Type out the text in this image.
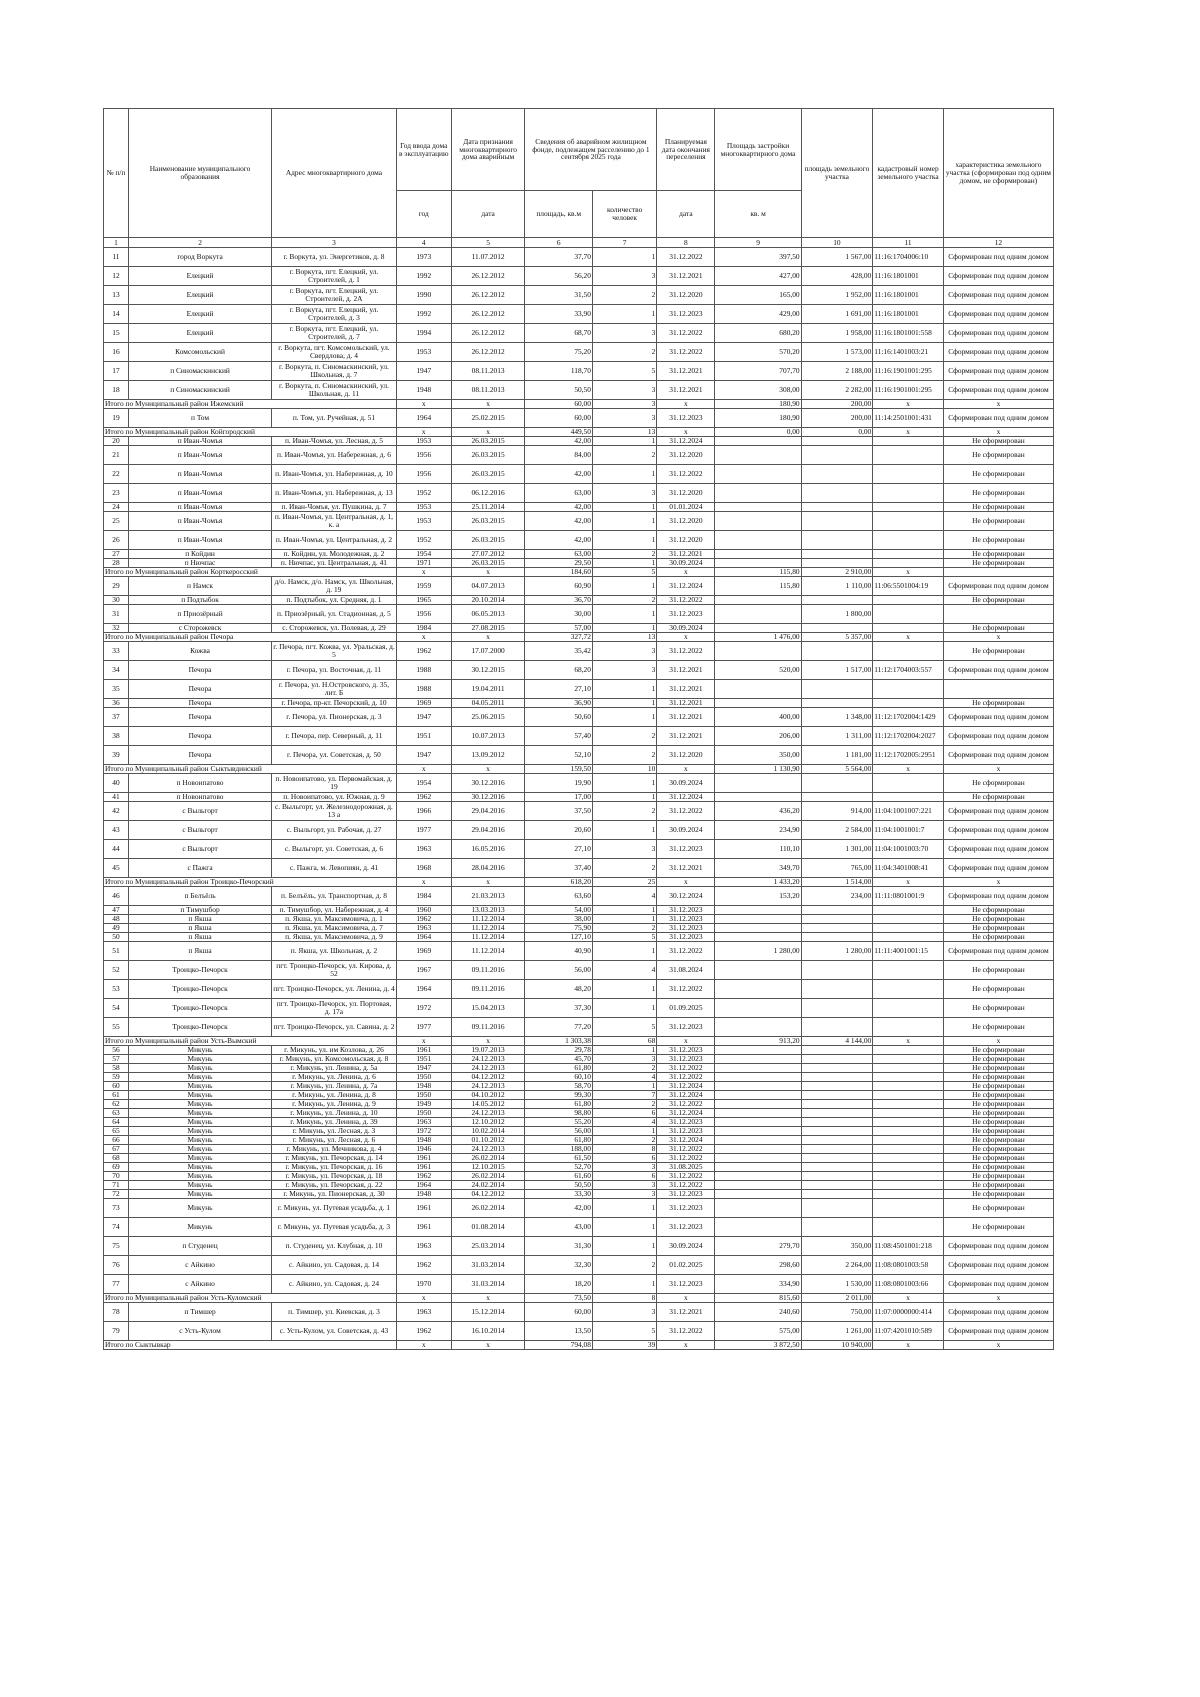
№ п/п	Наименование муниципального образования	Адрес многоквартирного дома	Год ввода дома в эксплуатацию	Дата признания многоквартирного дома аварийным	Сведения об аварийном жилищном фонде, подлежащем расселению до 1 сентября 2025 года		Планируемая дата окончания переселения	Площадь застройки многоквартирного дома	площадь земельного участка	кадастровый номер земельного участка	характеристика земельного участка (сформирован под одним домом, не сформирован)
			год	дата	площадь, кв.м	количество человек	дата	кв. м			
1	2	3	4	5	6	7	8	9	10	11	12
11	город Воркута	г. Воркута, ул. Энергетиков, д. 8	1973	11.07.2012	37,70	1	31.12.2022	397,50	1 567,00	11:16:1704006:10	Сформирован под одним домом
12	Елецкий	г. Воркута, пгт. Елецкий, ул. Строителей, д. 1	1992	26.12.2012	56,20	3	31.12.2021	427,00	428,00	11:16:1801001	Сформирован под одним домом
13	Елецкий	г. Воркута, пгт. Елецкий, ул. Строителей, д. 2А	1990	26.12.2012	31,50	2	31.12.2020	165,00	1 952,00	11:16:1801001	Сформирован под одним домом
14	Елецкий	г. Воркута, пгт. Елецкий, ул. Строителей, д. 3	1992	26.12.2012	33,90	1	31.12.2023	429,00	1 691,00	11:16:1801001	Сформирован под одним домом
15	Елецкий	г. Воркута, пгт. Елецкий, ул. Строителей, д. 7	1994	26.12.2012	68,70	3	31.12.2022	680,20	1 958,00	11:16:1801001:558	Сформирован под одним домом
16	Комсомольский	г. Воркута, пгт. Комсомольский, ул. Свердлова, д. 4	1953	26.12.2012	75,20	2	31.12.2022	570,20	1 573,00	11:16:1401003:21	Сформирован под одним домом
17	п Синомаскинский	г. Воркута, п. Синомаскинский, ул. Школьная, д. 7	1947	08.11.2013	118,70	5	31.12.2021	707,70	2 188,00	11:16:1901001:295	Сформирован под одним домом
18	п Синомаскинский	г. Воркута, п. Синомаскинский, ул. Школьная, д. 11	1948	08.11.2013	50,50	3	31.12.2021	308,00	2 282,00	11:16:1901001:295	Сформирован под одним домом
Итого по Муниципальный район Ижемский			х	х	60,00	3	х	180,90	200,00	х	х
19	п Том	п. Том, ул. Ручейная, д. 51	1964	25.02.2015	60,00	3	31.12.2023	180,90	200,00	11:14:2501001:431	Сформирован под одним домом
Итого по Муниципальный район Койгородский			х	х	449,50	13	х	0,00	0,00	х	х
20	п Иван-Чомъя	п. Иван-Чомъя, ул. Лесная, д. 5	1953	26.03.2015	42,00	1	31.12.2024				Не сформирован
21	п Иван-Чомъя	п. Иван-Чомъя, ул. Набережная, д. 6	1956	26.03.2015	84,00	2	31.12.2020				Не сформирован
22	п Иван-Чомъя	п. Иван-Чомъя, ул. Набережная, д. 10	1956	26.03.2015	42,00	1	31.12.2022				Не сформирован
23	п Иван-Чомъя	п. Иван-Чомъя, ул. Набережная, д. 13	1952	06.12.2016	63,00	3	31.12.2020				Не сформирован
24	п Иван-Чомъя	п. Иван-Чомъя, ул. Пушкина, д. 7	1953	25.11.2014	42,00	1	01.01.2024				Не сформирован
25	п Иван-Чомъя	п. Иван-Чомъя, ул. Центральная, д. 1, к. а	1953	26.03.2015	42,00	1	31.12.2020				Не сформирован
26	п Иван-Чомъя	п. Иван-Чомъя, ул. Центральная, д. 2	1952	26.03.2015	42,00	1	31.12.2020				Не сформирован
27	п Койдин	п. Койдин, ул. Молодежная, д. 2	1954	27.07.2012	63,00	2	31.12.2021				Не сформирован
28	п Нючпас	п. Нючпас, ул. Центральная, д. 41	1971	26.03.2015	29,50	1	30.09.2024				Не сформирован
Итого по Муниципальный район Корткеросский			х	х	184,60	5	х	115,80	2 910,00	х	
29	п Намск	д/о. Намск, д/о. Намск, ул. Школьная, д. 19	1959	04.07.2013	60,90	1	31.12.2024	115,80	1 110,00	11:06:5501004:19	Сформирован под одним домом
30	п Подтыбок	п. Подтыбок, ул. Средняя, д. 1	1965	20.10.2014	36,70	2	31.12.2022				Не сформирован
31	п Приозёрный	п. Приозёрный, ул. Стадионная, д. 5	1956	06.05.2013	30,00	1	31.12.2023		1 800,00		
32	с Сторожевск	с. Сторожевск, ул. Полевая, д. 29	1984	27.08.2015	57,00	1	30.09.2024				Не сформирован
Итого по Муниципальный район Печора			х	х	327,72	13	х	1 476,00	5 357,00	х	х
33	Кожва	г. Печора, пгт. Кожва, ул. Уральская, д. 5	1962	17.07.2000	35,42	3	31.12.2022				Не сформирован
34	Печора	г. Печора, ул. Восточная, д. 11	1988	30.12.2015	68,20	3	31.12.2021	520,00	1 517,00	11:12:1704003:557	Сформирован под одним домом
35	Печора	г. Печора, ул. Н.Островского, д. 35, лит. Б	1988	19.04.2011	27,10	1	31.12.2021				
36	Печора	г. Печора, пр-кт. Печорский, д. 10	1969	04.05.2011	36,90	1	31.12.2021				Не сформирован
37	Печора	г. Печора, ул. Пионерская, д. 3	1947	25.06.2015	50,60	1	31.12.2021	400,00	1 348,00	11:12:1702004:1429	Сформирован под одним домом
38	Печора	г. Печора, пер. Северный, д. 11	1951	10.07.2013	57,40	2	31.12.2021	206,00	1 311,00	11:12:1702004:2027	Сформирован под одним домом
39	Печора	г. Печора, ул. Советская, д. 50	1947	13.09.2012	52,10	2	31.12.2020	350,00	1 181,00	11:12:1702005:2951	Сформирован под одним домом
Итого по Муниципальный район Сыктывдинский			х	х	159,50	10	х	1 130,90	5 564,00	х	х
40	п Новоипатово	п. Новоипатово, ул. Первомайская, д. 19	1954	30.12.2016	19,90	1	30.09.2024				Не сформирован
41	п Новоипатово	п. Новоипатово, ул. Южная, д. 9	1962	30.12.2016	17,00	1	31.12.2024				Не сформирован
42	с Выльгорт	с. Выльгорт, ул. Железнодорожная, д. 13 а	1966	29.04.2016	37,50	2	31.12.2022	436,20	914,00	11:04:1001007:221	Сформирован под одним домом
43	с Выльгорт	с. Выльгорт, ул. Рабочая, д. 27	1977	29.04.2016	20,60	1	30.09.2024	234,90	2 584,00	11:04:1001001:7	Сформирован под одним домом
44	с Выльгорт	с. Выльгорт, ул. Советская, д. 6	1963	16.05.2016	27,10	3	31.12.2023	110,10	1 301,00	11:04:1001003:70	Сформирован под одним домом
45	с Пажга	с. Пажга, м. Левопиян, д. 41	1968	28.04.2016	37,40	2	31.12.2021	349,70	765,00	11:04:3401008:41	Сформирован под одним домом
Итого по Муниципальный район Троицко-Печорский			х	х	618,20	25	х	1 433,20	1 514,00	х	х
46	п Белъёль	п. Белъёль, ул. Транспортная, д. 8	1984	21.03.2013	63,60	4	30.12.2024	153,20	234,00	11:11:0801001:9	Сформирован под одним домом
47	п Тимушбор	п. Тимушбор, ул. Набережная, д. 4	1960	13.03.2013	54,00	1	31.12.2023				Не сформирован
48	п Якша	п. Якша, ул. Максимовича, д. 1	1962	11.12.2014	38,00	1	31.12.2023				Не сформирован
49	п Якша	п. Якша, ул. Максимовича, д. 7	1963	11.12.2014	75,90	2	31.12.2023				Не сформирован
50	п Якша	п. Якша, ул. Максимовича, д. 9	1964	11.12.2014	127,10	5	31.12.2023				Не сформирован
51	п Якша	п. Якша, ул. Школьная, д. 2	1969	11.12.2014	40,90	1	31.12.2022	1 280,00	1 280,00	11:11:4001001:15	Сформирован под одним домом
52	Троицко-Печорск	пгт. Троицко-Печорск, ул. Кирова, д. 52	1967	09.11.2016	56,00	4	31.08.2024				Не сформирован
53	Троицко-Печорск	пгт. Троицко-Печорск, ул. Ленина, д. 4	1964	09.11.2016	48,20	1	31.12.2022				Не сформирован
54	Троицко-Печорск	пгт. Троицко-Печорск, ул. Портовая, д. 17а	1972	15.04.2013	37,30	1	01.09.2025				Не сформирован
55	Троицко-Печорск	пгт. Троицко-Печорск, ул. Савина, д. 2	1977	09.11.2016	77,20	5	31.12.2023				Не сформирован
Итого по Муниципальный район Усть-Вымский			х	х	1 303,38	68	х	913,20	4 144,00	х	х
56	Микунь	г. Микунь, ул. им Козлова, д. 26	1961	19.07.2013	29,78	1	31.12.2023				Не сформирован
57	Микунь	г. Микунь, ул. Комсомольская, д. 8	1951	24.12.2013	45,70	3	31.12.2023				Не сформирован
58	Микунь	г. Микунь, ул. Ленина, д. 5а	1947	24.12.2013	61,80	2	31.12.2022				Не сформирован
59	Микунь	г. Микунь, ул. Ленина, д. 6	1950	04.12.2012	60,10	4	31.12.2022				Не сформирован
60	Микунь	г. Микунь, ул. Ленина, д. 7а	1948	24.12.2013	58,70	1	31.12.2024				Не сформирован
61	Микунь	г. Микунь, ул. Ленина, д. 8	1950	04.10.2012	99,30	7	31.12.2024				Не сформирован
62	Микунь	г. Микунь, ул. Ленина, д. 9	1949	14.05.2012	61,80	2	31.12.2022				Не сформирован
63	Микунь	г. Микунь, ул. Ленина, д. 10	1950	24.12.2013	98,80	6	31.12.2024				Не сформирован
64	Микунь	г. Микунь, ул. Ленина, д. 39	1963	12.10.2012	55,20	4	31.12.2023				Не сформирован
65	Микунь	г. Микунь, ул. Лесная, д. 3	1972	10.02.2014	56,00	1	31.12.2023				Не сформирован
66	Микунь	г. Микунь, ул. Лесная, д. 6	1948	01.10.2012	61,80	2	31.12.2024				Не сформирован
67	Микунь	г. Микунь, ул. Мечникова, д. 4	1946	24.12.2013	188,00	8	31.12.2022				Не сформирован
68	Микунь	г. Микунь, ул. Печорская, д. 14	1961	26.02.2014	61,50	6	31.12.2022				Не сформирован
69	Микунь	г. Микунь, ул. Печорская, д. 16	1961	12.10.2015	52,70	3	31.08.2025				Не сформирован
70	Микунь	г. Микунь, ул. Печорская, д. 18	1962	26.02.2014	61,60	6	31.12.2022				Не сформирован
71	Микунь	г. Микунь, ул. Печорская, д. 22	1964	24.02.2014	50,50	3	31.12.2022				Не сформирован
72	Микунь	г. Микунь, ул. Пионерская, д. 30	1948	04.12.2012	33,30	3	31.12.2023				Не сформирован
73	Микунь	г. Микунь, ул. Путевая усадьба, д. 1	1961	26.02.2014	42,00	1	31.12.2023				Не сформирован
74	Микунь	г. Микунь, ул. Путевая усадьба, д. 3	1961	01.08.2014	43,00	1	31.12.2023				Не сформирован
75	п Студенец	п. Студенец, ул. Клубная, д. 10	1963	25.03.2014	31,30	1	30.09.2024	279,70	350,00	11:08:4501001:218	Сформирован под одним домом
76	с Айкино	с. Айкино, ул. Садовая, д. 14	1962	31.03.2014	32,30	2	01.02.2025	298,60	2 264,00	11:08:0801003:58	Сформирован под одним домом
77	с Айкино	с. Айкино, ул. Садовая, д. 24	1970	31.03.2014	18,20	1	31.12.2023	334,90	1 530,00	11:08:0801003:66	Сформирован под одним домом
Итого по Муниципальный район Усть-Куломский			х	х	73,50	8	х	815,60	2 011,00	х	х
78	п Тимшер	п. Тимшер, ул. Киевская, д. 3	1963	15.12.2014	60,00	3	31.12.2021	240,60	750,00	11:07:0000000:414	Сформирован под одним домом
79	с Усть-Кулом	с. Усть-Кулом, ул. Советская, д. 43	1962	16.10.2014	13,50	5	31.12.2022	575,00	1 261,00	11:07:4201010:589	Сформирован под одним домом
Итого по Сыктывкар			х	х	794,08	39	х	3 872,50	10 940,00	х	х
